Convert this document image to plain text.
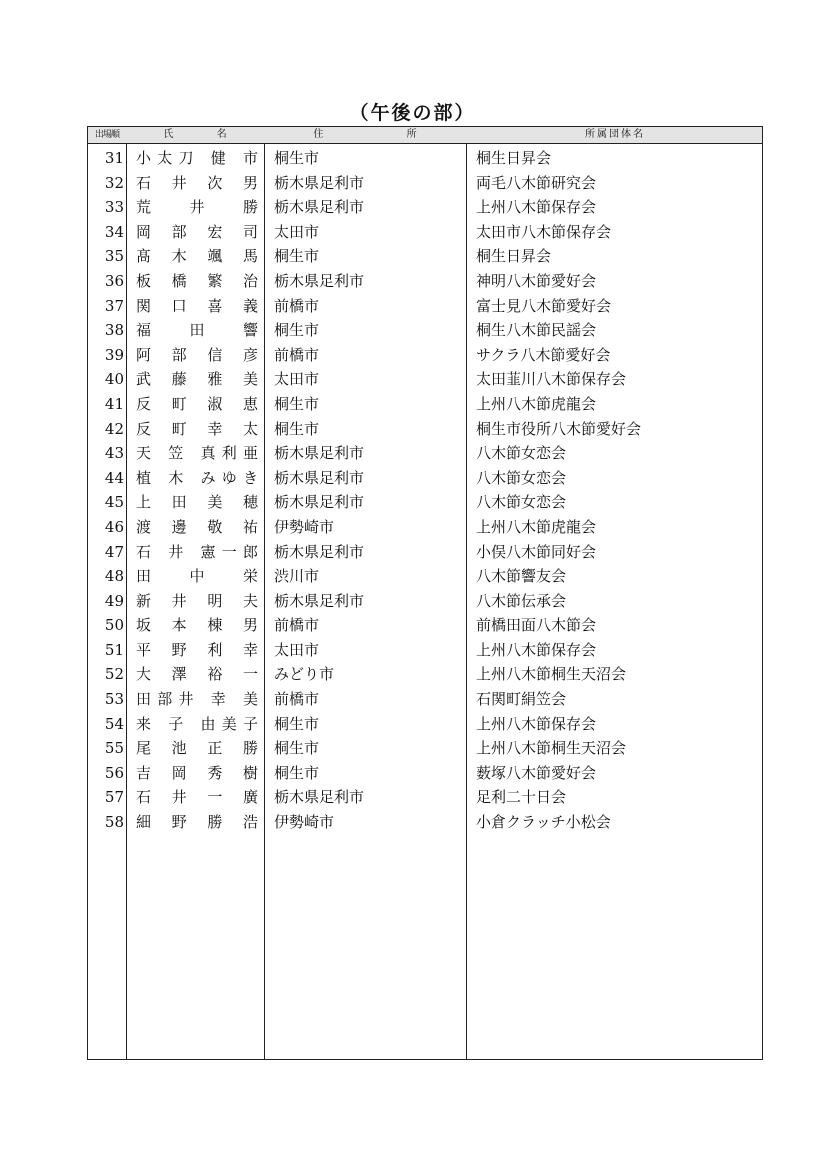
（午後の部）
出場順	氏 名	住 所	所属団体名
31 小太刀 健 市 桐生市	桐生日昇会
32 石 井 次 男 栃木県足利市	両毛八木節研究会
33 荒 井 勝 栃木県足利市	上州八木節保存会
34 岡 部 宏 司 太田市	太田市八木節保存会
35 髙 木 颯 馬 桐生市	桐生日昇会
36 板 橋 繁 治 栃木県足利市	神明八木節愛好会
37 関 口 喜 義 前橋市	富士見八木節愛好会
38 福 田 響 桐生市	桐生八木節民謡会
39 阿 部 信 彦 前橋市	サクラ八木節愛好会
40 武 藤 雅 美 太田市	太田韮川八木節保存会
41 反 町 淑 恵 桐生市	上州八木節虎龍会
42 反 町 幸 太 桐生市	桐生市役所八木節愛好会
43 天 笠 真利亜 栃木県足利市	八木節女恋会
44 植 木 みゆき 栃木県足利市	八木節女恋会
45 上 田 美 穂 栃木県足利市	八木節女恋会
46 渡 邊 敬 祐 伊勢崎市	上州八木節虎龍会
47 石 井 憲一郎 栃木県足利市	小俣八木節同好会
48 田 中 栄 渋川市	八木節響友会
49 新 井 明 夫 栃木県足利市	八木節伝承会
50 坂 本 棟 男 前橋市	前橋田面八木節会
51 平 野 利 幸 太田市	上州八木節保存会
52 大 澤 裕 一 みどり市	上州八木節桐生天沼会
53 田部井 幸 美 前橋市	石関町絹笠会
54 来 子 由美子 桐生市	上州八木節保存会
55 尾 池 正 勝 桐生市	上州八木節桐生天沼会
56 吉 岡 秀 樹 桐生市	薮塚八木節愛好会
57 石 井 一 廣 栃木県足利市	足利二十日会
58 細 野 勝 浩 伊勢崎市	小倉クラッチ小松会
